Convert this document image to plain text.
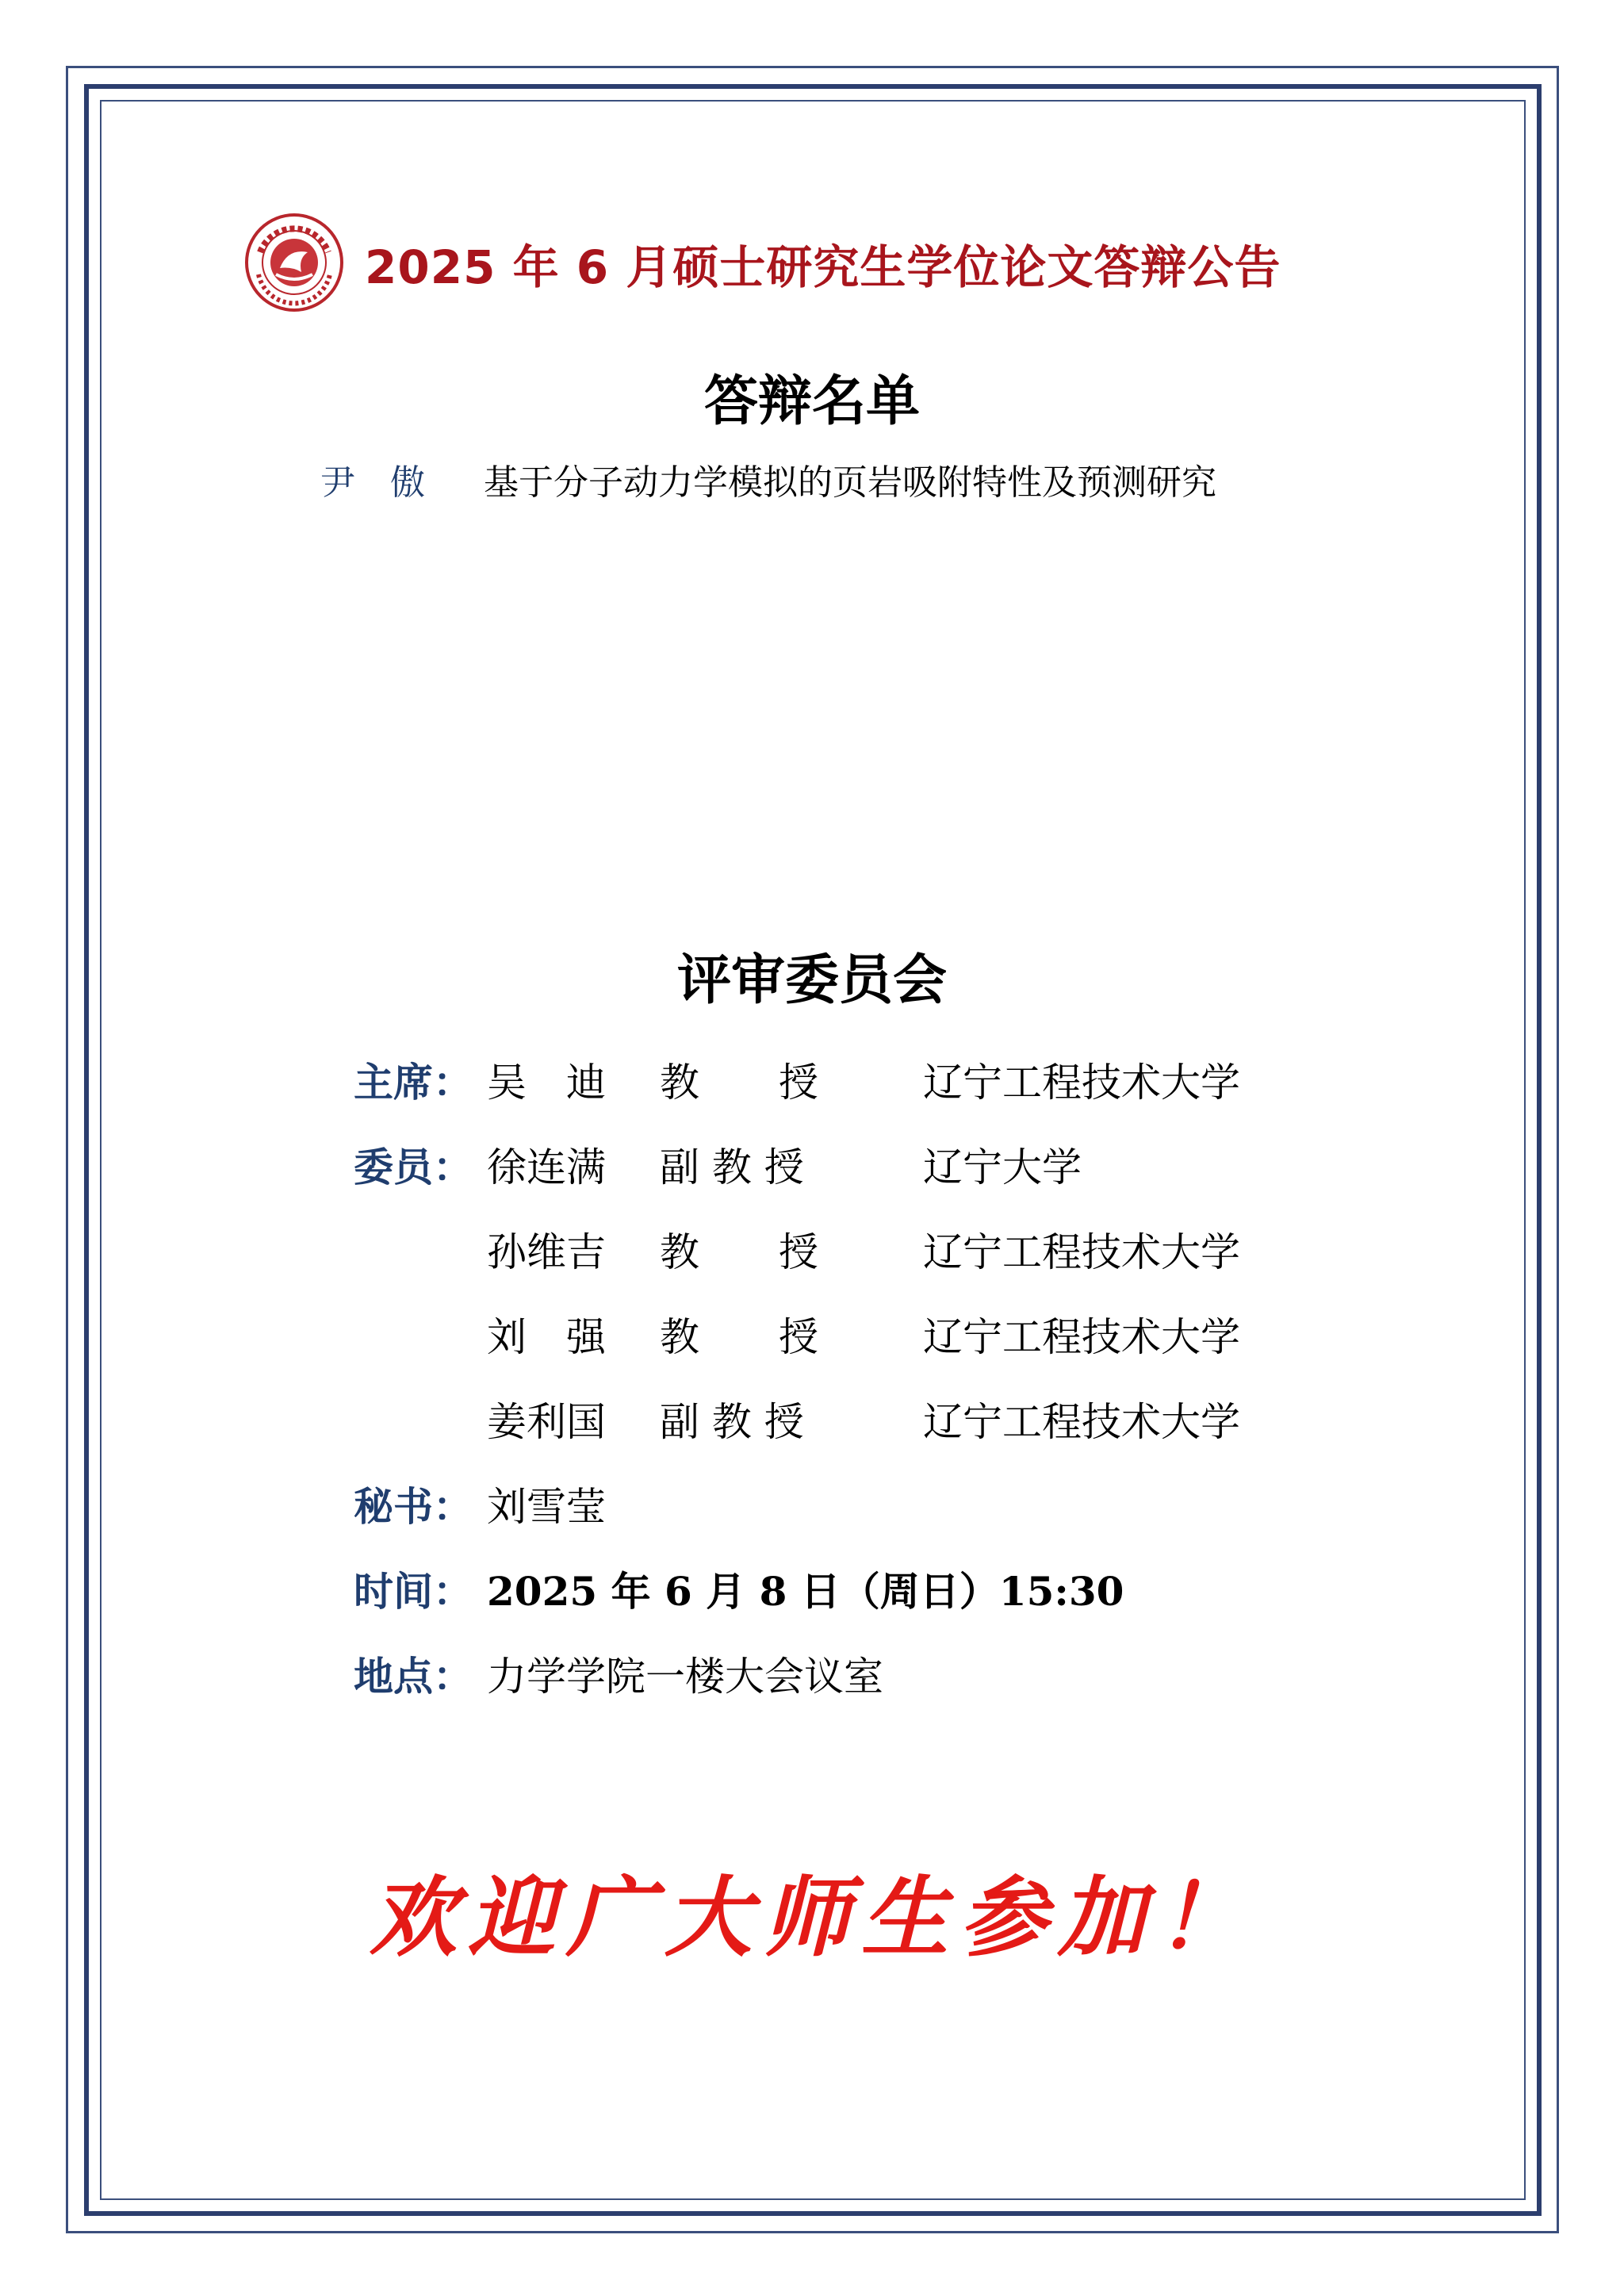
2025 年 6 月硕士研究生学位论文答辩公告
答辩名单
尹傲 基于分子动力学模拟的页岩吸附特性及预测研究
评审委员会
主席： 吴　迪 教　　授	辽宁工程技术大学
委员： 徐连满 副 教 授	辽宁大学
孙维吉 教　　授	辽宁工程技术大学
刘　强 教　　授	辽宁工程技术大学
姜利国 副 教 授	辽宁工程技术大学
秘书： 刘雪莹
时间： 2025 年 6 月 8 日（周日）15:30
地点： 力学学院一楼大会议室
欢迎广大师生参加！
